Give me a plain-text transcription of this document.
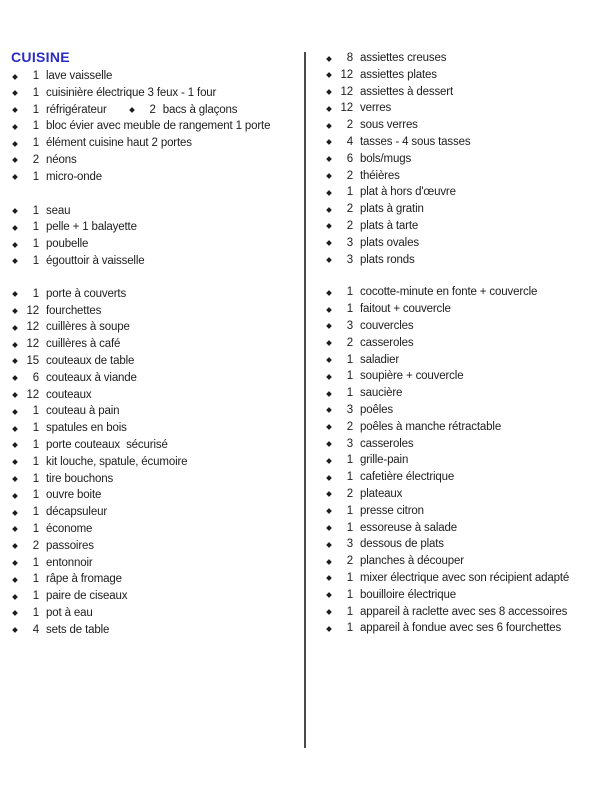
CUISINE
1 lave vaisselle
1 cuisinière électrique 3 feux - 1 four
1 réfrigérateur	2 bacs à glaçons
1 bloc évier avec meuble de rangement 1 porte
1 élément cuisine haut 2 portes
2 néons
1 micro-onde
1 seau
1 pelle + 1 balayette
1 poubelle
1 égouttoir à vaisselle
1 porte à couverts
12 fourchettes
12 cuillères à soupe
12 cuillères à café
15 couteaux de table
6 couteaux à viande
12 couteaux
1 couteau à pain
1 spatules en bois
1 porte couteaux  sécurisé
1 kit louche, spatule, écumoire
1 tire bouchons
1 ouvre boite
1 décapsuleur
1 économe
2 passoires
1 entonnoir
1 râpe à fromage
1 paire de ciseaux
1 pot à eau
4 sets de table
8 assiettes creuses
12 assiettes plates
12 assiettes à dessert
12 verres
2 sous verres
4 tasses - 4 sous tasses
6 bols/mugs
2 théières
1 plat à hors d'œuvre
2 plats à gratin
2 plats à tarte
3 plats ovales
3 plats ronds
1 cocotte-minute en fonte + couvercle
1 faitout + couvercle
3 couvercles
2 casseroles
1 saladier
1 soupière + couvercle
1 saucière
3 poêles
2 poêles à manche rétractable
3 casseroles
1 grille-pain
1 cafetière électrique
2 plateaux
1 presse citron
1 essoreuse à salade
3 dessous de plats
2 planches à découper
1 mixer électrique avec son récipient adapté
1 bouilloire électrique
1 appareil à raclette avec ses 8 accessoires
1 appareil à fondue avec ses 6 fourchettes
